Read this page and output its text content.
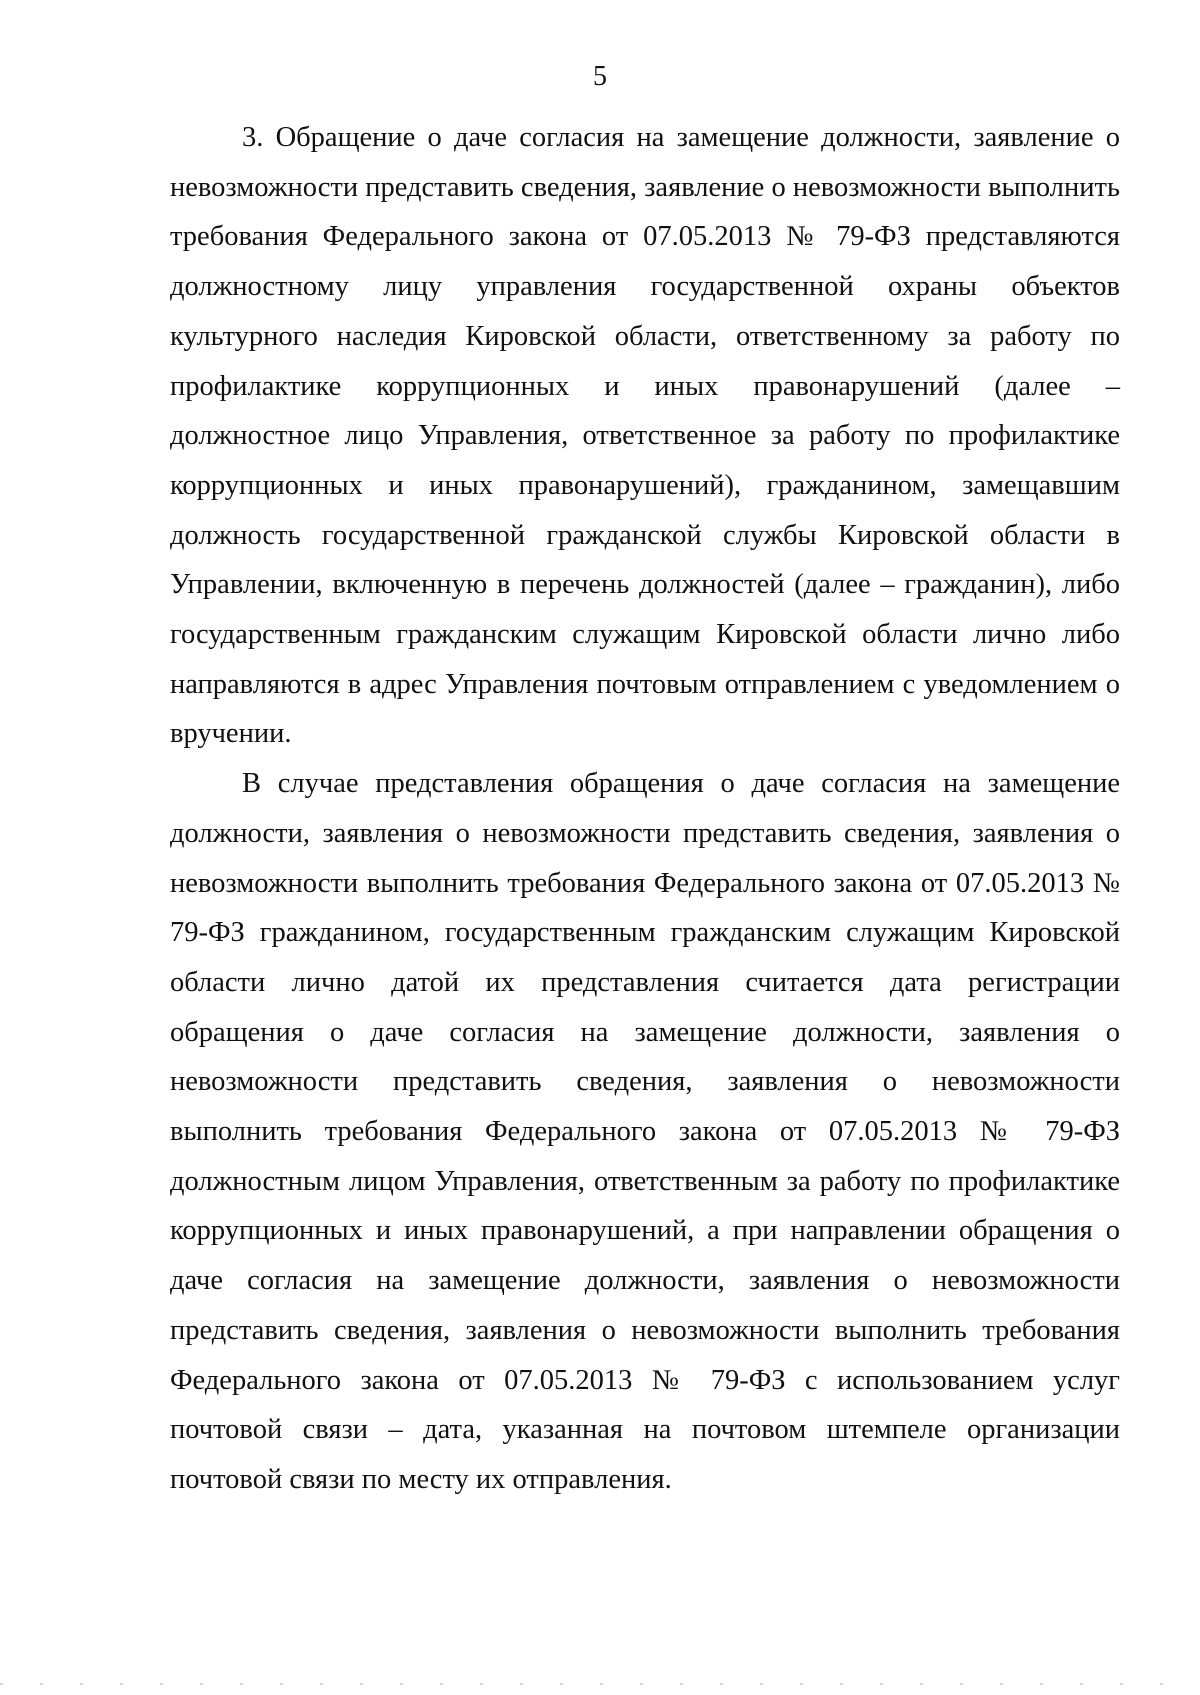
5

3. Обращение о даче согласия на замещение должности, заявление о невозможности представить сведения, заявление о невозможности выполнить требования Федерального закона от 07.05.2013 № 79-ФЗ представляются должностному лицу управления государственной охраны объектов культурного наследия Кировской области, ответственному за работу по профилактике коррупционных и иных правонарушений (далее – должностное лицо Управления, ответственное за работу по профилактике коррупционных и иных правонарушений), гражданином, замещавшим должность государственной гражданской службы Кировской области в Управлении, включенную в перечень должностей (далее – гражданин), либо государственным гражданским служащим Кировской области лично либо направляются в адрес Управления почтовым отправлением с уведомлением о вручении.

В случае представления обращения о даче согласия на замещение должности, заявления о невозможности представить сведения, заявления о невозможности выполнить требования Федерального закона от 07.05.2013 № 79-ФЗ гражданином, государственным гражданским служащим Кировской области лично датой их представления считается дата регистрации обращения о даче согласия на замещение должности, заявления о невозможности представить сведения, заявления о невозможности выполнить требования Федерального закона от 07.05.2013 № 79-ФЗ должностным лицом Управления, ответственным за работу по профилактике коррупционных и иных правонарушений, а при направлении обращения о даче согласия на замещение должности, заявления о невозможности представить сведения, заявления о невозможности выполнить требования Федерального закона от 07.05.2013 № 79-ФЗ с использованием услуг почтовой связи – дата, указанная на почтовом штемпеле организации почтовой связи по месту их отправления.
